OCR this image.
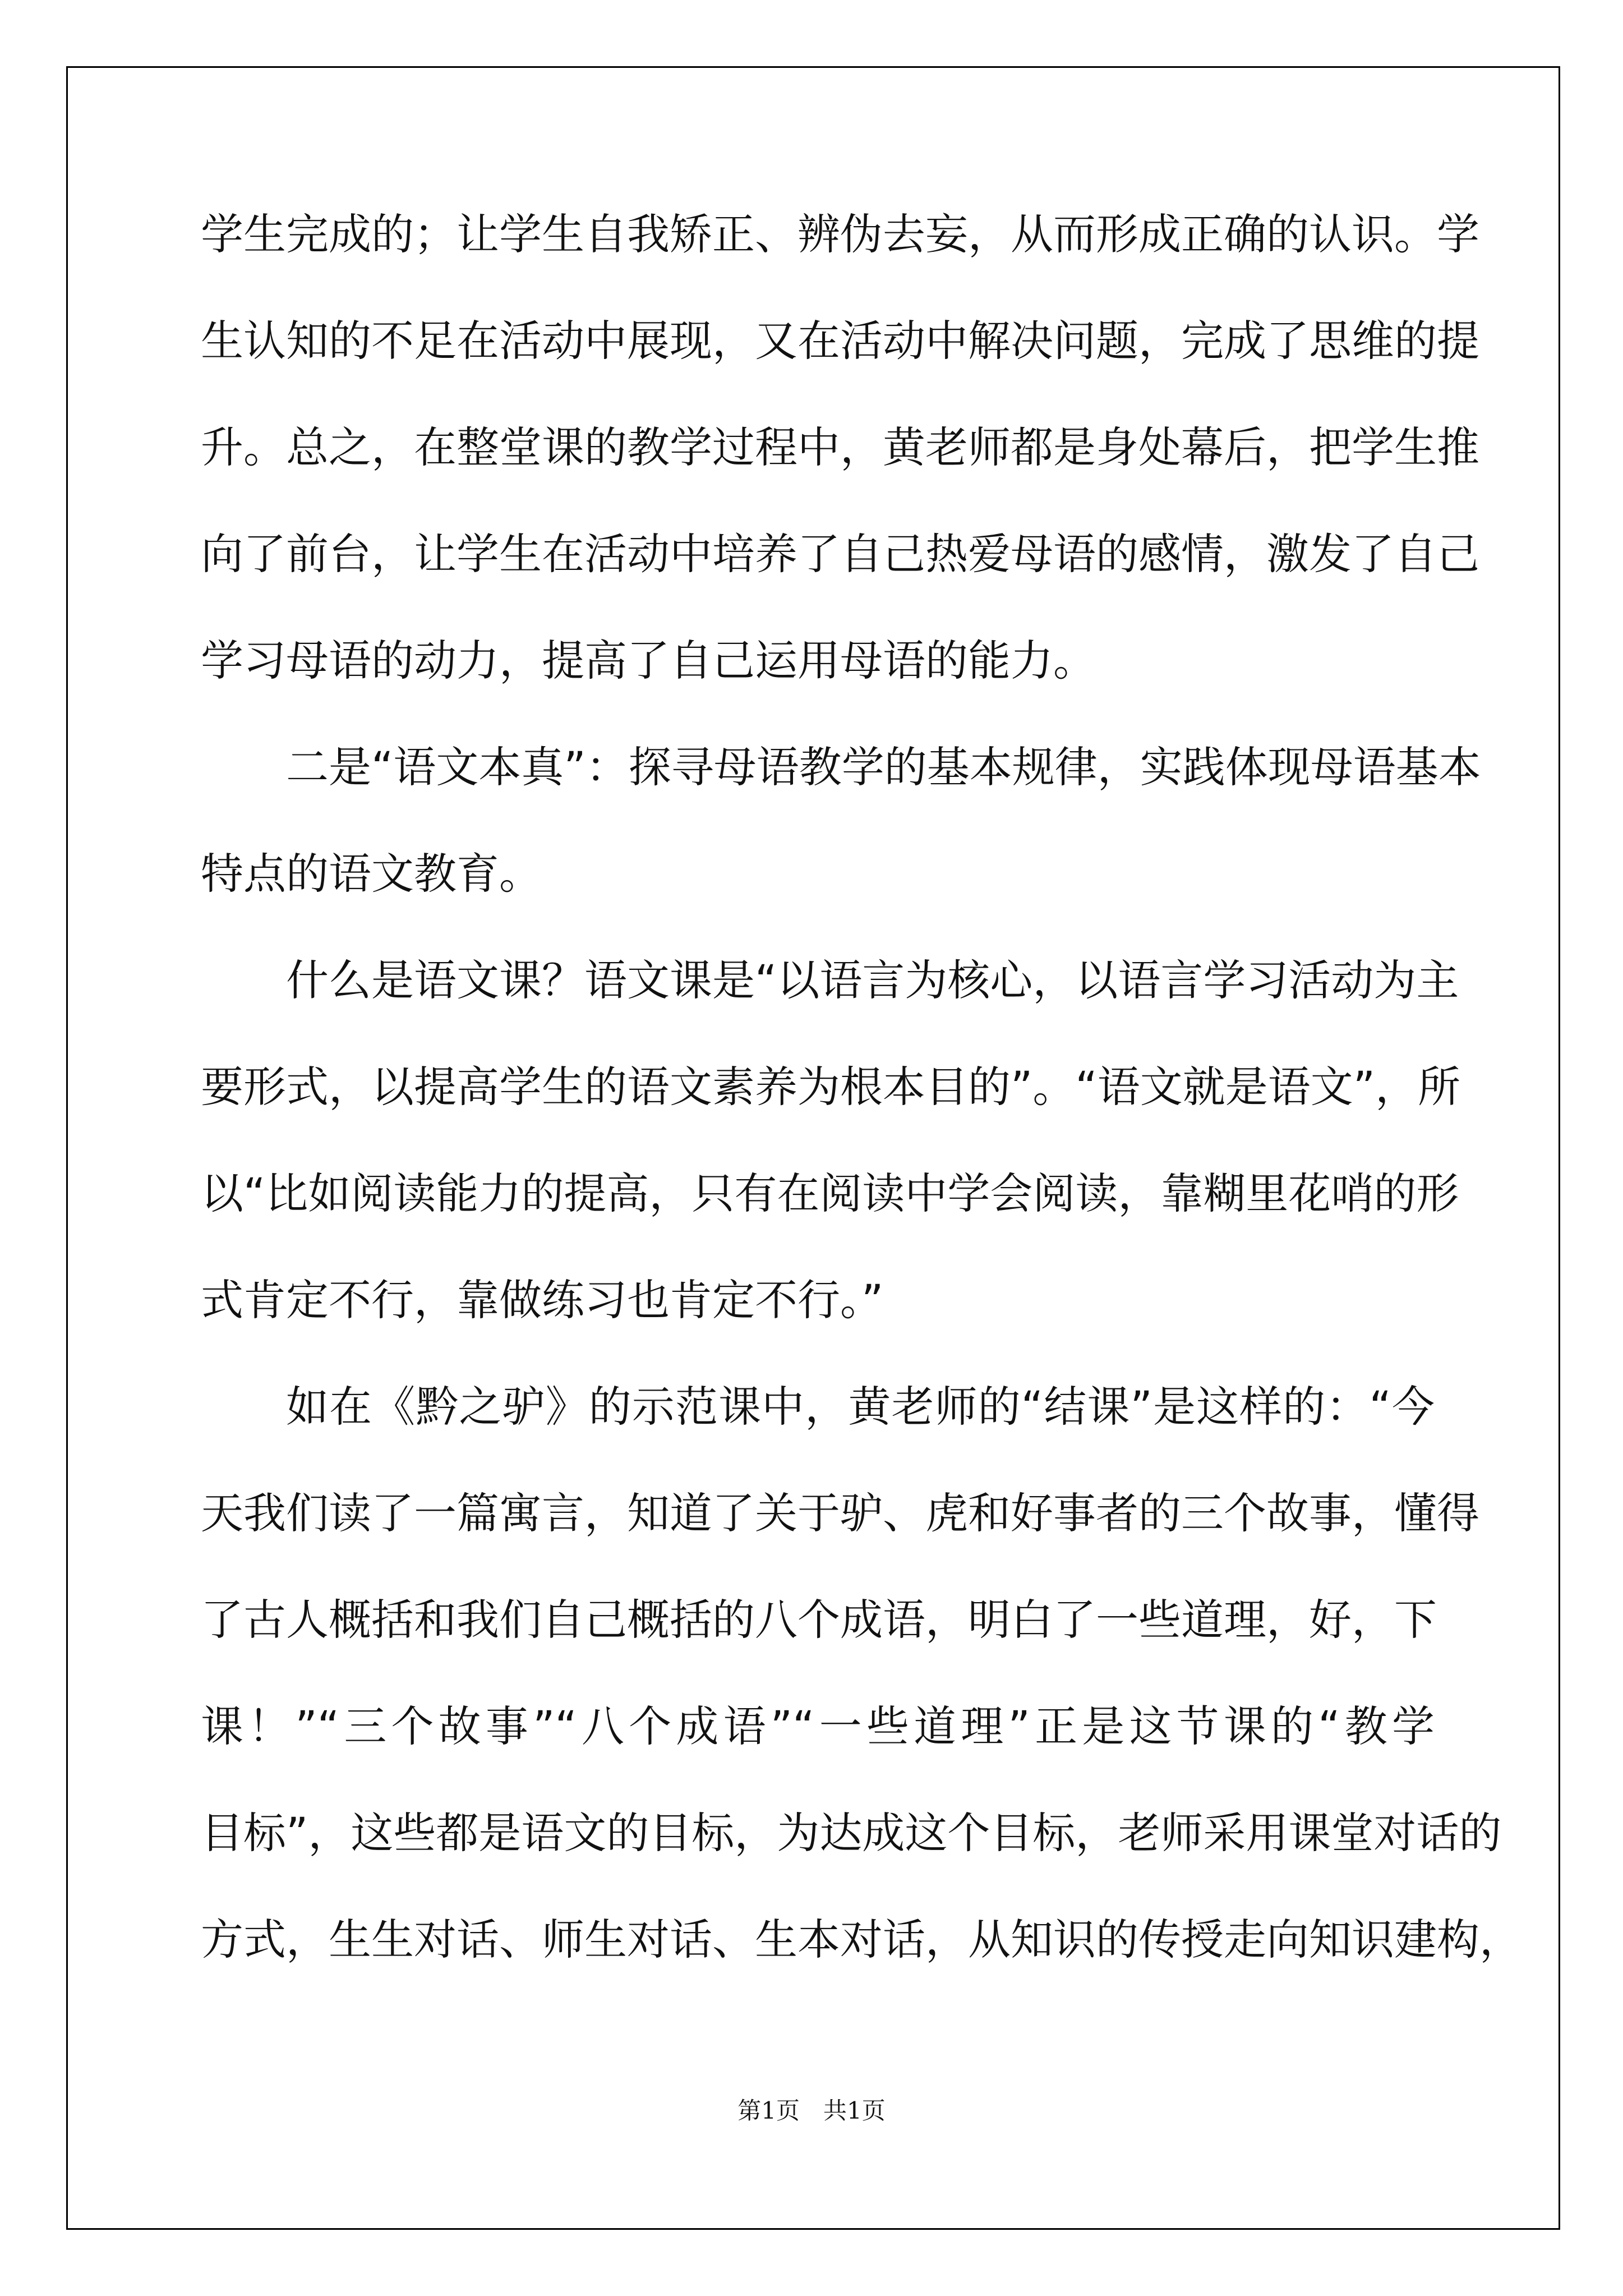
学生完成的；让学生自我矫正、辨伪去妄，从而形成正确的认识。学
生认知的不足在活动中展现，又在活动中解决问题，完成了思维的提
升。总之，在整堂课的教学过程中，黄老师都是身处幕后，把学生推
向了前台，让学生在活动中培养了自己热爱母语的感情，激发了自己
学习母语的动力，提高了自己运用母语的能力。
二是“语文本真”：探寻母语教学的基本规律，实践体现母语基本
特点的语文教育。
什么是语文课？语文课是“以语言为核心，以语言学习活动为主
要形式，以提高学生的语文素养为根本目的”。“语文就是语文”，所
以“比如阅读能力的提高，只有在阅读中学会阅读，靠糊里花哨的形
式肯定不行，靠做练习也肯定不行。”
如在《黔之驴》的示范课中，黄老师的“结课”是这样的：“今
天我们读了一篇寓言，知道了关于驴、虎和好事者的三个故事，懂得
了古人概括和我们自己概括的八个成语，明白了一些道理，好，下
课！”“三个故事”“八个成语”“一些道理”正是这节课的“教学
目标”，这些都是语文的目标，为达成这个目标，老师采用课堂对话的
方式，生生对话、师生对话、生本对话，从知识的传授走向知识建构，
第1页　共1页
